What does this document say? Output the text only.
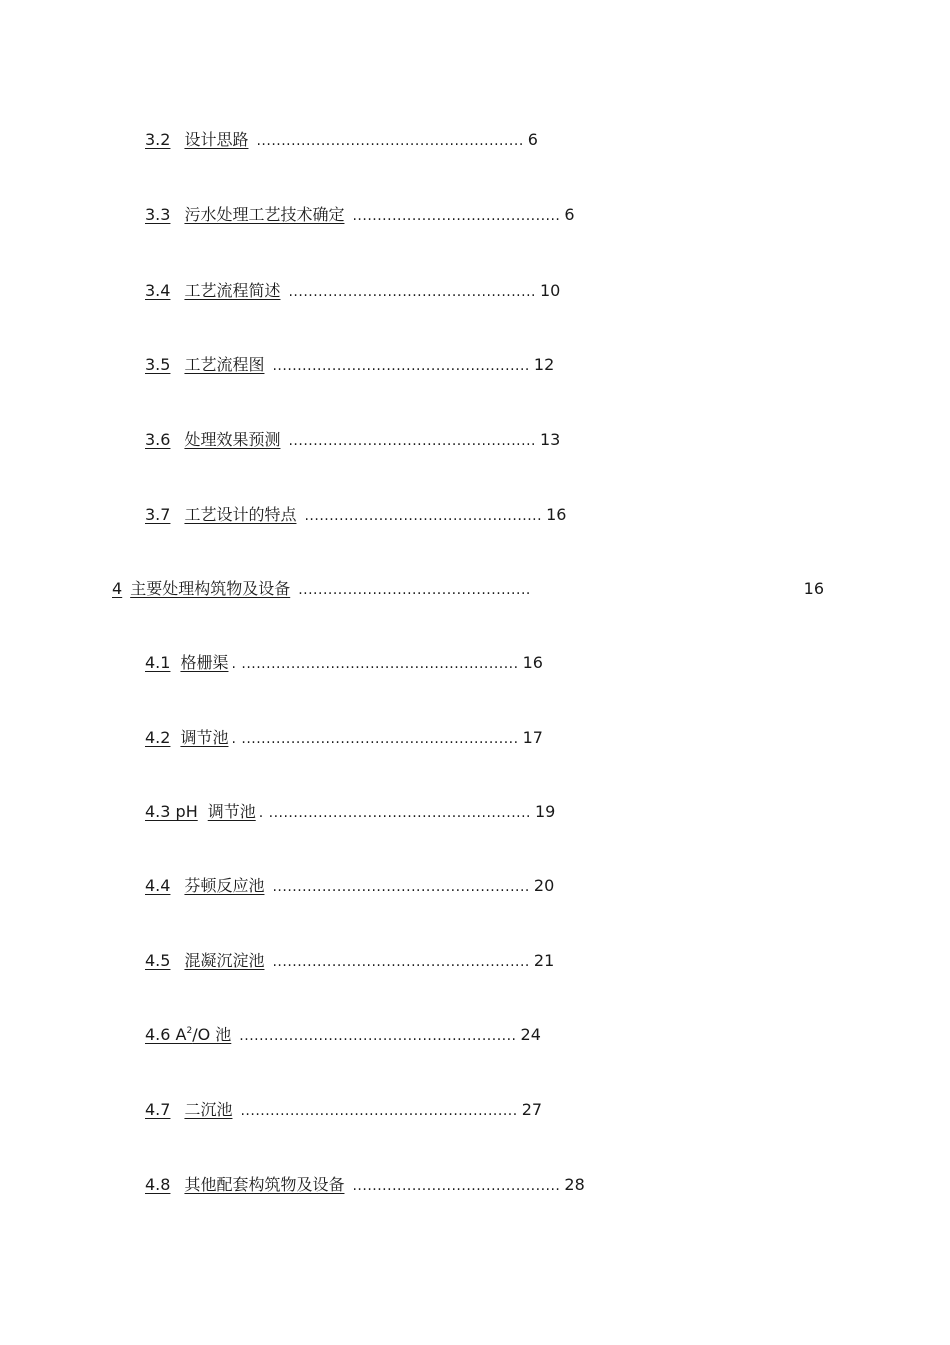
3.2 设计思路 ...................................................... 6
3.3 污水处理工艺技术确定 .......................................... 6
3.4 工艺流程简述 .................................................. 10
3.5 工艺流程图 .................................................... 12
3.6 处理效果预测 .................................................. 13
3.7 工艺设计的特点 ................................................ 16
4 主要处理构筑物及设备 ...............................................	16
4.1 格栅渠 . ........................................................ 16
4.2 调节池 . ........................................................ 17
4.3 pH 调节池 . ..................................................... 19
4.4 芬顿反应池 .................................................... 20
4.5 混凝沉淀池 .................................................... 21
4.6 $A^2/O$ 池 ........................................................ 24
4.7 二沉池 ........................................................ 27
4.8 其他配套构筑物及设备 .......................................... 28
